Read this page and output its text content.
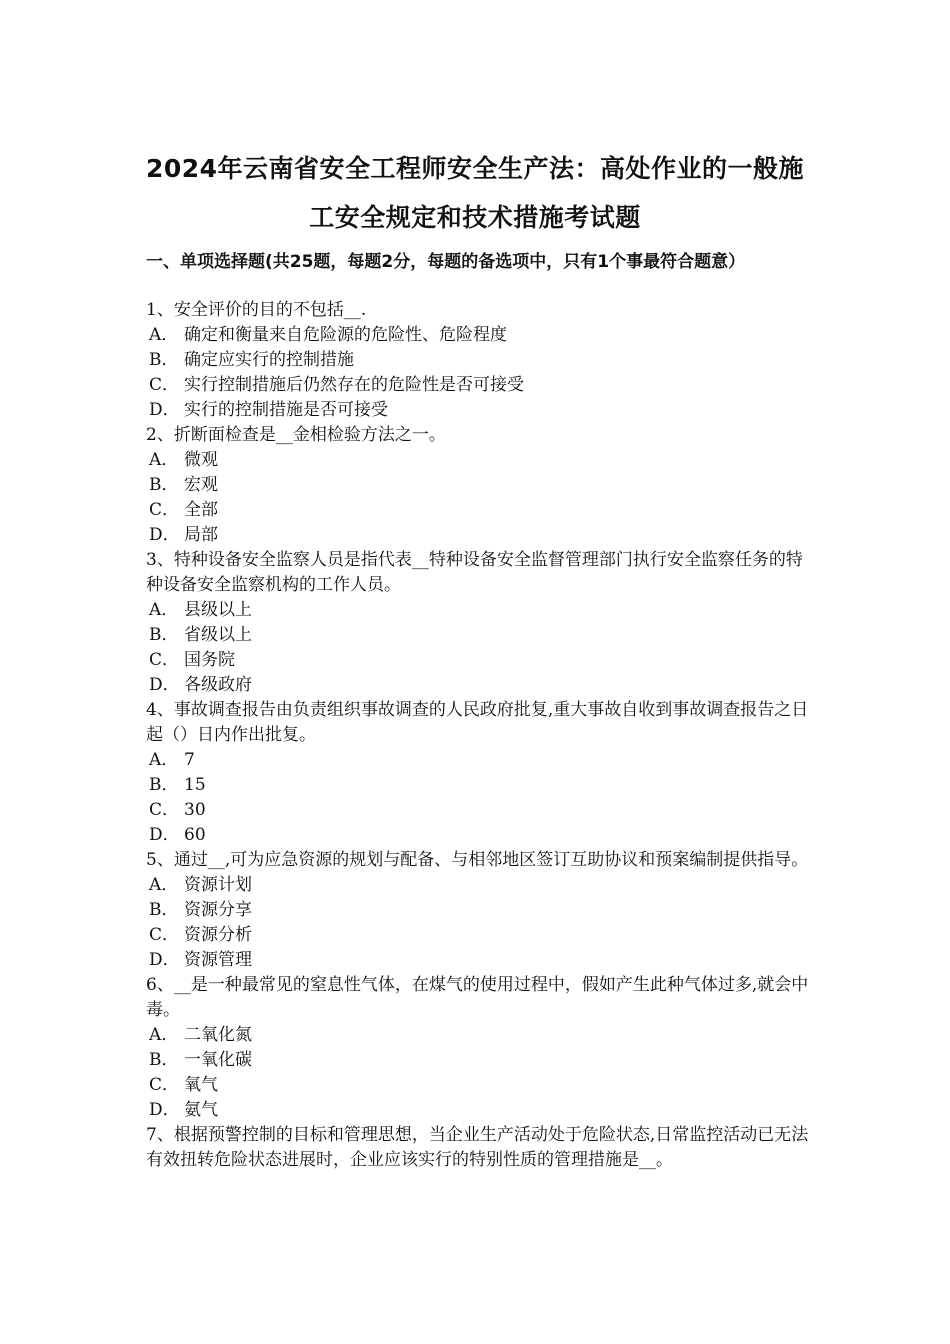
2024年云南省安全工程师安全生产法：高处作业的一般施
工安全规定和技术措施考试题
一、单项选择题(共25题，每题2分，每题的备选项中，只有1个事最符合题意）

1、安全评价的目的不包括__.

A． 确定和衡量来自危险源的危险性、危险程度

B． 确定应实行的控制措施

C． 实行控制措施后仍然存在的危险性是否可接受

D． 实行的控制措施是否可接受

2、折断面检查是__金相检验方法之一。

A． 微观

B． 宏观

C． 全部

D． 局部

3、特种设备安全监察人员是指代表__特种设备安全监督管理部门执行安全监察任务的特种设备安全监察机构的工作人员。

A． 县级以上

B． 省级以上

C． 国务院

D． 各级政府

4、事故调查报告由负责组织事故调查的人民政府批复,重大事故自收到事故调查报告之日起（）日内作出批复。

A． 7

B． 15

C． 30

D． 60

5、通过__,可为应急资源的规划与配备、与相邻地区签订互助协议和预案编制提供指导。

A． 资源计划

B． 资源分享

C． 资源分析

D． 资源管理

6、__是一种最常见的窒息性气体，在煤气的使用过程中，假如产生此种气体过多,就会中毒。

A． 二氧化氮

B． 一氧化碳

C． 氧气

D． 氨气

7、根据预警控制的目标和管理思想，当企业生产活动处于危险状态,日常监控活动已无法有效扭转危险状态进展时，企业应该实行的特别性质的管理措施是__。
